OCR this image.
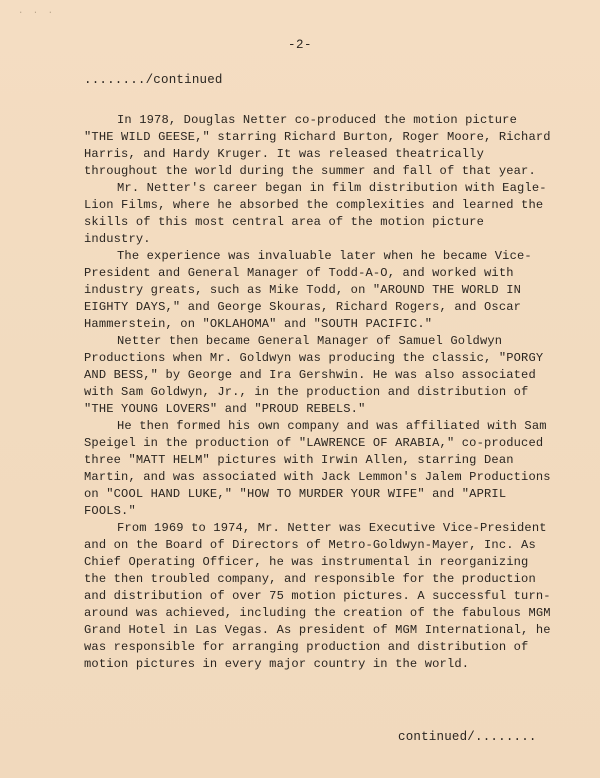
· · ·
-2-
......../continued

In 1978, Douglas Netter co-produced the motion picture "THE WILD GEESE," starring Richard Burton, Roger Moore, Richard Harris, and Hardy Kruger. It was released theatrically throughout the world during the summer and fall of that year.

Mr. Netter's career began in film distribution with Eagle-Lion Films, where he absorbed the complexities and learned the skills of this most central area of the motion picture industry.

The experience was invaluable later when he became Vice-President and General Manager of Todd-A-O, and worked with industry greats, such as Mike Todd, on "AROUND THE WORLD IN EIGHTY DAYS," and George Skouras, Richard Rogers, and Oscar Hammerstein, on "OKLAHOMA" and "SOUTH PACIFIC."

Netter then became General Manager of Samuel Goldwyn Productions when Mr. Goldwyn was producing the classic, "PORGY AND BESS," by George and Ira Gershwin. He was also associated with Sam Goldwyn, Jr., in the production and distribution of "THE YOUNG LOVERS" and "PROUD REBELS."

He then formed his own company and was affiliated with Sam Speigel in the production of "LAWRENCE OF ARABIA," co-produced three "MATT HELM" pictures with Irwin Allen, starring Dean Martin, and was associated with Jack Lemmon's Jalem Productions on "COOL HAND LUKE," "HOW TO MURDER YOUR WIFE" and "APRIL FOOLS."

From 1969 to 1974, Mr. Netter was Executive Vice-President and on the Board of Directors of Metro-Goldwyn-Mayer, Inc. As Chief Operating Officer, he was instrumental in reorganizing the then troubled company, and responsible for the production and distribution of over 75 motion pictures. A successful turn-around was achieved, including the creation of the fabulous MGM Grand Hotel in Las Vegas. As president of MGM International, he was responsible for arranging production and distribution of motion pictures in every major country in the world.

continued/........
